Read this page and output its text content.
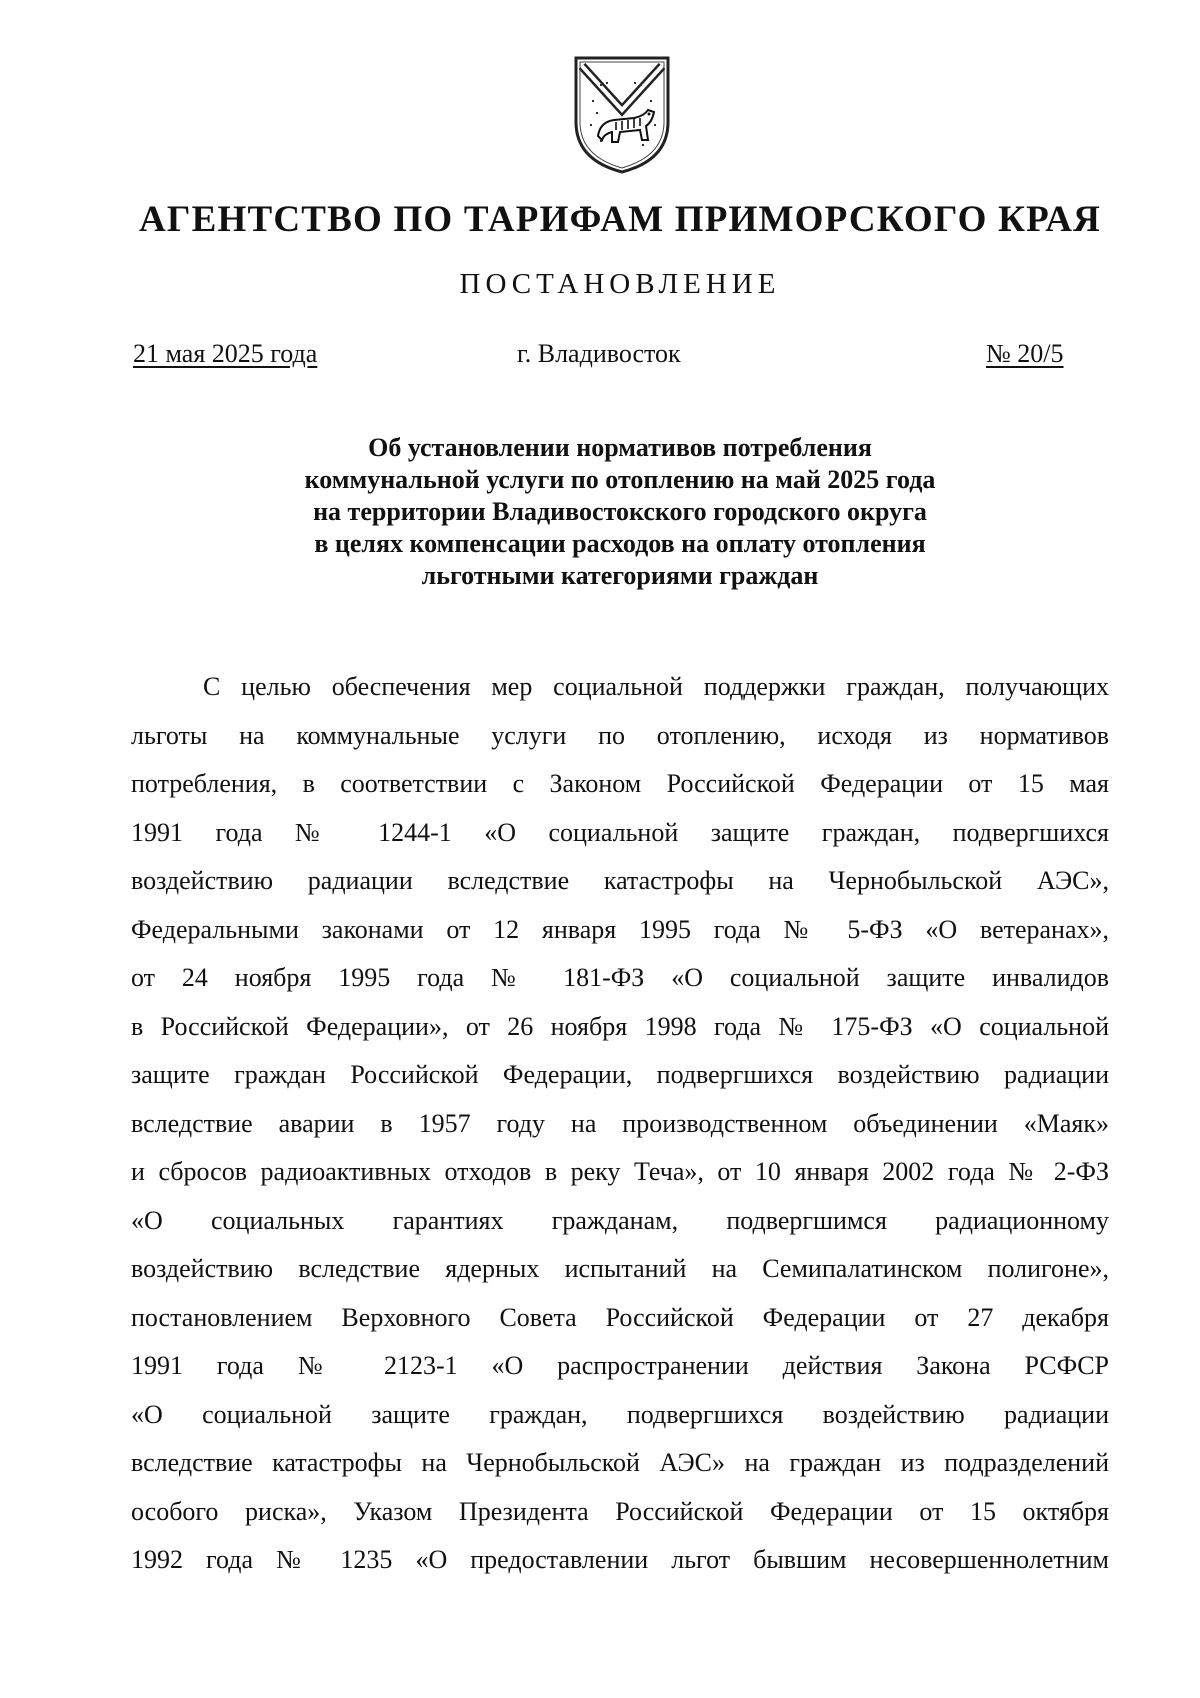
АГЕНТСТВО ПО ТАРИФАМ ПРИМОРСКОГО КРАЯ
ПОСТАНОВЛЕНИЕ
21 мая 2025 года	г. Владивосток	№ 20/5
Об установлении нормативов потребления
коммунальной услуги по отоплению на май 2025 года
на территории Владивостокского городского округа
в целях компенсации расходов на оплату отопления
льготными категориями граждан
С целью обеспечения мер социальной поддержки граждан, получающих
льготы на коммунальные услуги по отоплению, исходя из нормативов
потребления, в соответствии с Законом Российской Федерации от 15 мая
1991 года № 1244-1 «О социальной защите граждан, подвергшихся
воздействию радиации вследствие катастрофы на Чернобыльской АЭС»,
Федеральными законами от 12 января 1995 года № 5-ФЗ «О ветеранах»,
от 24 ноября 1995 года № 181-ФЗ «О социальной защите инвалидов
в Российской Федерации», от 26 ноября 1998 года № 175-ФЗ «О социальной
защите граждан Российской Федерации, подвергшихся воздействию радиации
вследствие аварии в 1957 году на производственном объединении «Маяк»
и сбросов радиоактивных отходов в реку Теча», от 10 января 2002 года № 2-ФЗ
«О социальных гарантиях гражданам, подвергшимся радиационному
воздействию вследствие ядерных испытаний на Семипалатинском полигоне»,
постановлением Верховного Совета Российской Федерации от 27 декабря
1991 года № 2123-1 «О распространении действия Закона РСФСР
«О социальной защите граждан, подвергшихся воздействию радиации
вследствие катастрофы на Чернобыльской АЭС» на граждан из подразделений
особого риска», Указом Президента Российской Федерации от 15 октября
1992 года № 1235 «О предоставлении льгот бывшим несовершеннолетним
